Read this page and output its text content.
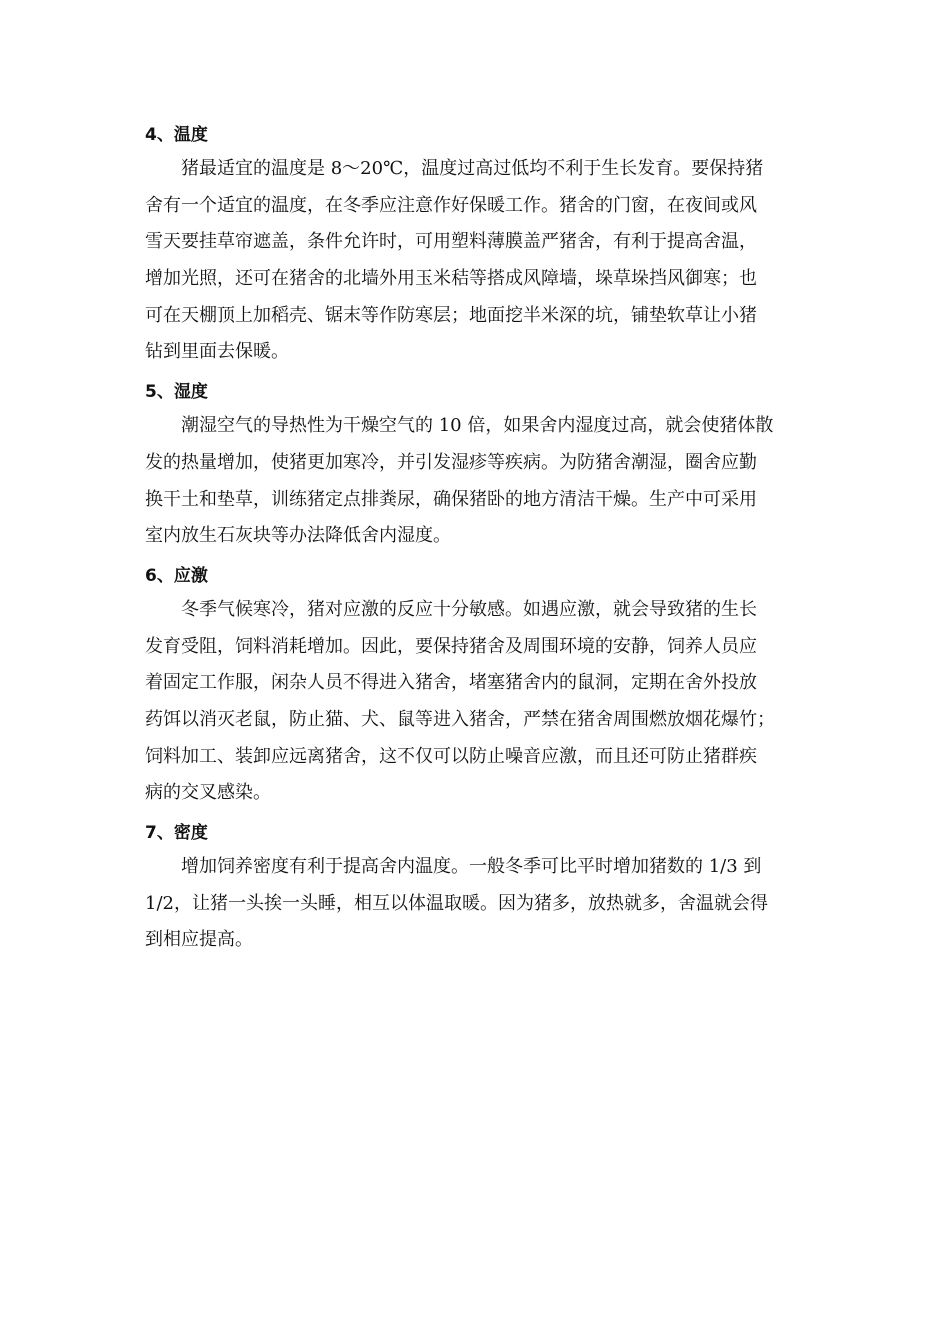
4、温度
猪最适宜的温度是 8～20℃，温度过高过低均不利于生长发育。要保持猪
舍有一个适宜的温度，在冬季应注意作好保暖工作。猪舍的门窗，在夜间或风
雪天要挂草帘遮盖，条件允许时，可用塑料薄膜盖严猪舍，有利于提高舍温，
增加光照，还可在猪舍的北墙外用玉米秸等搭成风障墙，垛草垛挡风御寒；也
可在天棚顶上加稻壳、锯末等作防寒层；地面挖半米深的坑，铺垫软草让小猪
钻到里面去保暖。
5、湿度
潮湿空气的导热性为干燥空气的 10 倍，如果舍内湿度过高，就会使猪体散
发的热量增加，使猪更加寒冷，并引发湿疹等疾病。为防猪舍潮湿，圈舍应勤
换干土和垫草，训练猪定点排粪尿，确保猪卧的地方清洁干燥。生产中可采用
室内放生石灰块等办法降低舍内湿度。
6、应激
冬季气候寒冷，猪对应激的反应十分敏感。如遇应激，就会导致猪的生长
发育受阻，饲料消耗增加。因此，要保持猪舍及周围环境的安静，饲养人员应
着固定工作服，闲杂人员不得进入猪舍，堵塞猪舍内的鼠洞，定期在舍外投放
药饵以消灭老鼠，防止猫、犬、鼠等进入猪舍，严禁在猪舍周围燃放烟花爆竹；
饲料加工、装卸应远离猪舍，这不仅可以防止噪音应激，而且还可防止猪群疾
病的交叉感染。
7、密度
增加饲养密度有利于提高舍内温度。一般冬季可比平时增加猪数的 1/3 到
1/2，让猪一头挨一头睡，相互以体温取暖。因为猪多，放热就多，舍温就会得
到相应提高。
